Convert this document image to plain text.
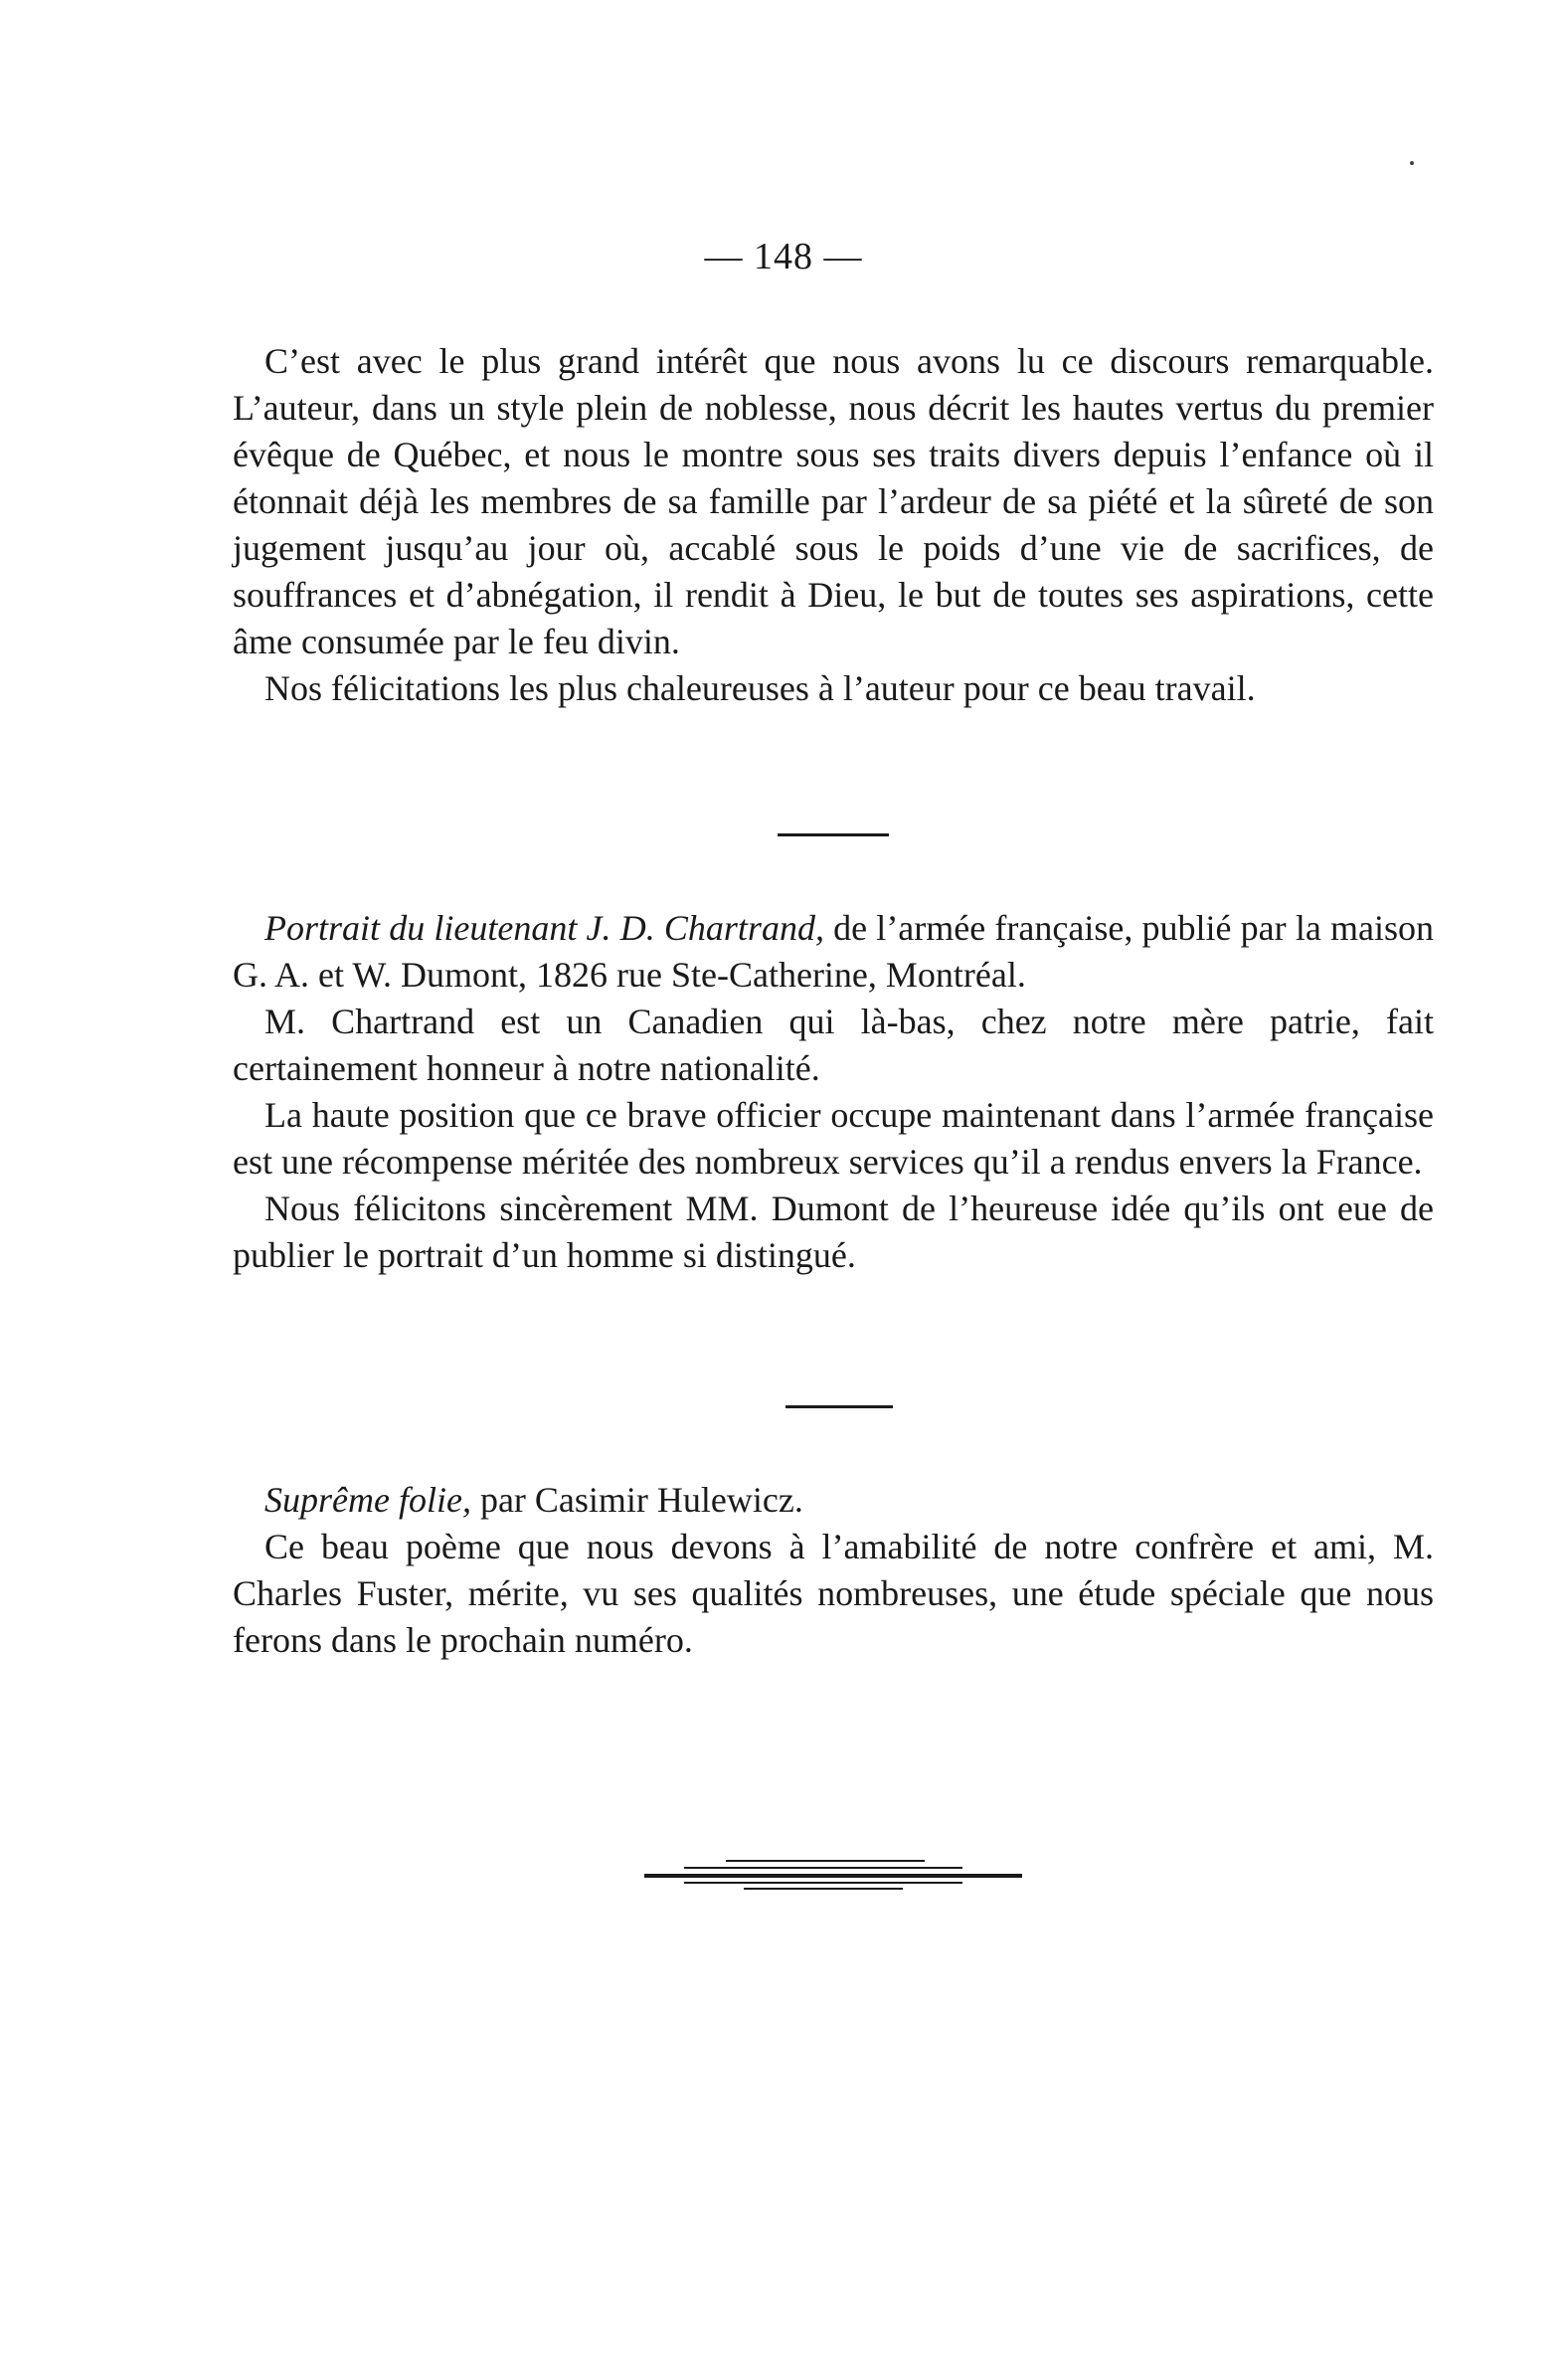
— 148 —

C’est avec le plus grand intérêt que nous avons lu ce discours remarquable. L’auteur, dans un style plein de noblesse, nous décrit les hautes vertus du premier évêque de Québec, et nous le montre sous ses traits divers depuis l’enfance où il étonnait déjà les membres de sa famille par l’ardeur de sa piété et la sûreté de son jugement jusqu’au jour où, accablé sous le poids d’une vie de sacrifices, de souffrances et d’abnégation, il rendit à Dieu, le but de toutes ses aspirations, cette âme consumée par le feu divin.

Nos félicitations les plus chaleureuses à l’auteur pour ce beau travail.

Portrait du lieutenant J. D. Chartrand, de l’armée française, publié par la maison G. A. et W. Dumont, 1826 rue Ste-Catherine, Montréal.

M. Chartrand est un Canadien qui là-bas, chez notre mère patrie, fait certainement honneur à notre nationalité.

La haute position que ce brave officier occupe maintenant dans l’armée française est une récompense méritée des nombreux services qu’il a rendus envers la France.

Nous félicitons sincèrement MM. Dumont de l’heureuse idée qu’ils ont eue de publier le portrait d’un homme si distingué.

Suprême folie, par Casimir Hulewicz.

Ce beau poème que nous devons à l’amabilité de notre confrère et ami, M. Charles Fuster, mérite, vu ses qualités nombreuses, une étude spéciale que nous ferons dans le prochain numéro.
